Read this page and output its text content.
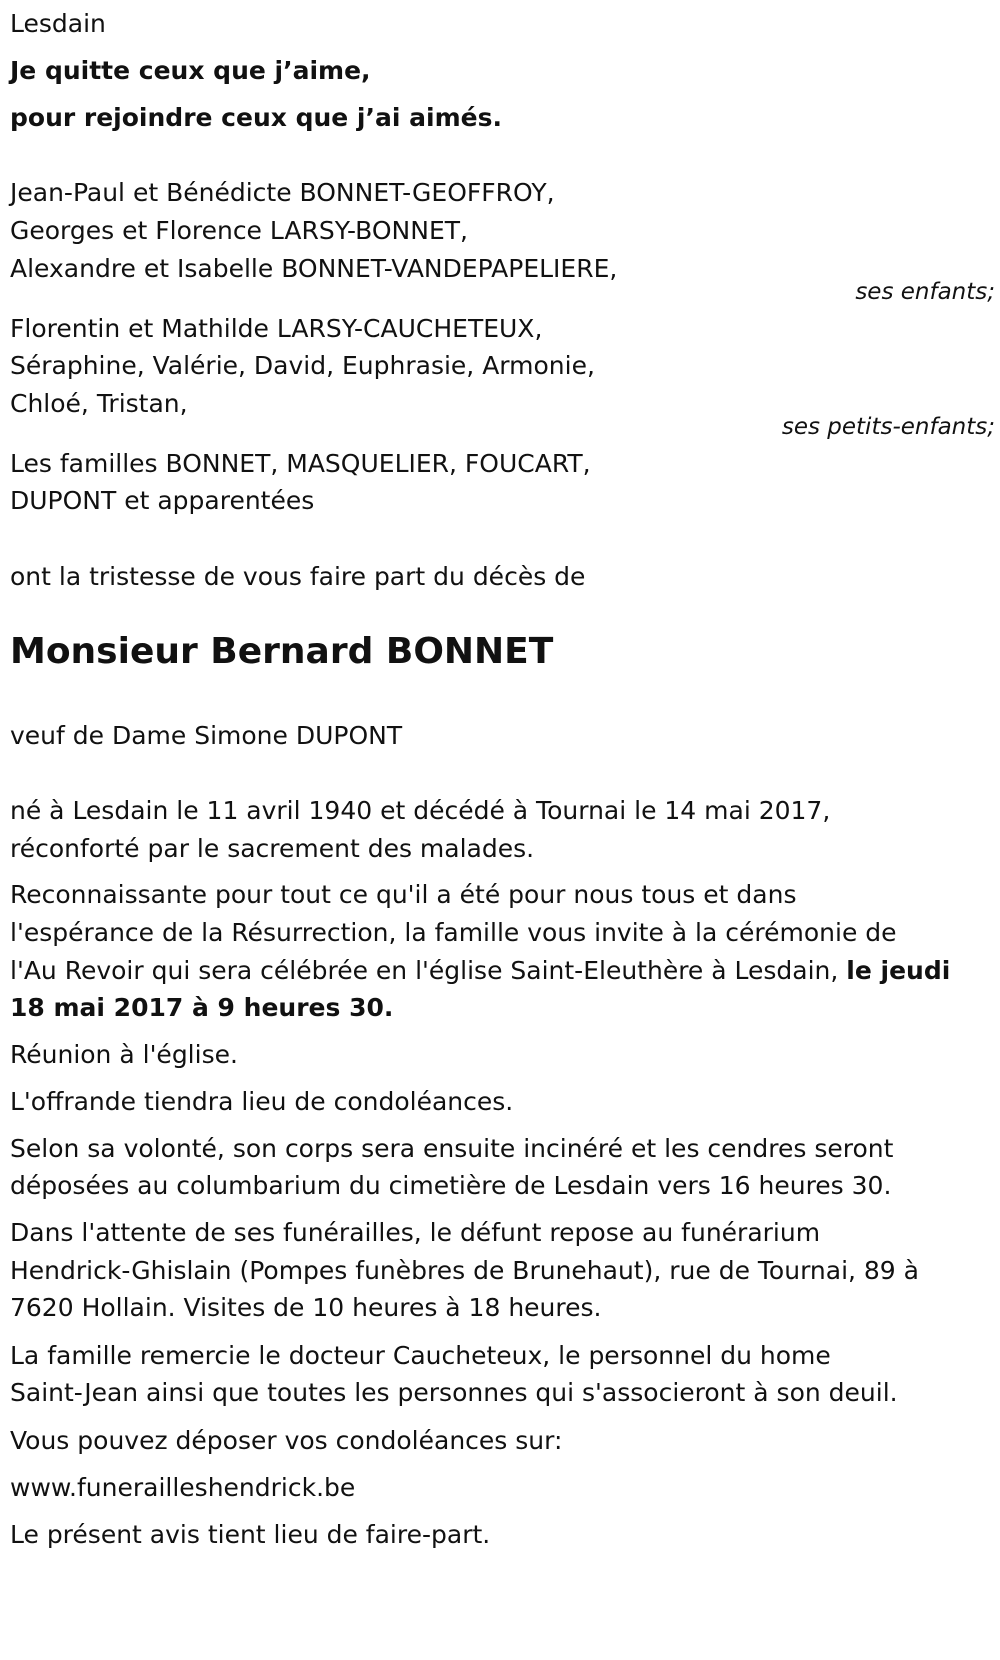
Lesdain
Je quitte ceux que j’aime,
pour rejoindre ceux que j’ai aimés.
Jean-Paul et Bénédicte BONNET-GEOFFROY,
Georges et Florence LARSY-BONNET,
Alexandre et Isabelle BONNET-VANDEPAPELIERE,
ses enfants;
Florentin et Mathilde LARSY-CAUCHETEUX,
Séraphine, Valérie, David, Euphrasie, Armonie,
Chloé, Tristan,
ses petits-enfants;
Les familles BONNET, MASQUELIER, FOUCART,
DUPONT et apparentées
ont la tristesse de vous faire part du décès de
Monsieur Bernard BONNET
veuf de Dame Simone DUPONT
né à Lesdain le 11 avril 1940 et décédé à Tournai le 14 mai 2017,
réconforté par le sacrement des malades.
Reconnaissante pour tout ce qu'il a été pour nous tous et dans
l'espérance de la Résurrection, la famille vous invite à la cérémonie de
l'Au Revoir qui sera célébrée en l'église Saint-Eleuthère à Lesdain, le jeudi
18 mai 2017 à 9 heures 30.
Réunion à l'église.
L'offrande tiendra lieu de condoléances.
Selon sa volonté, son corps sera ensuite incinéré et les cendres seront
déposées au columbarium du cimetière de Lesdain vers 16 heures 30.
Dans l'attente de ses funérailles, le défunt repose au funérarium
Hendrick-Ghislain (Pompes funèbres de Brunehaut), rue de Tournai, 89 à
7620 Hollain. Visites de 10 heures à 18 heures.
La famille remercie le docteur Caucheteux, le personnel du home
Saint-Jean ainsi que toutes les personnes qui s'associeront à son deuil.
Vous pouvez déposer vos condoléances sur:
www.funerailleshendrick.be
Le présent avis tient lieu de faire-part.
